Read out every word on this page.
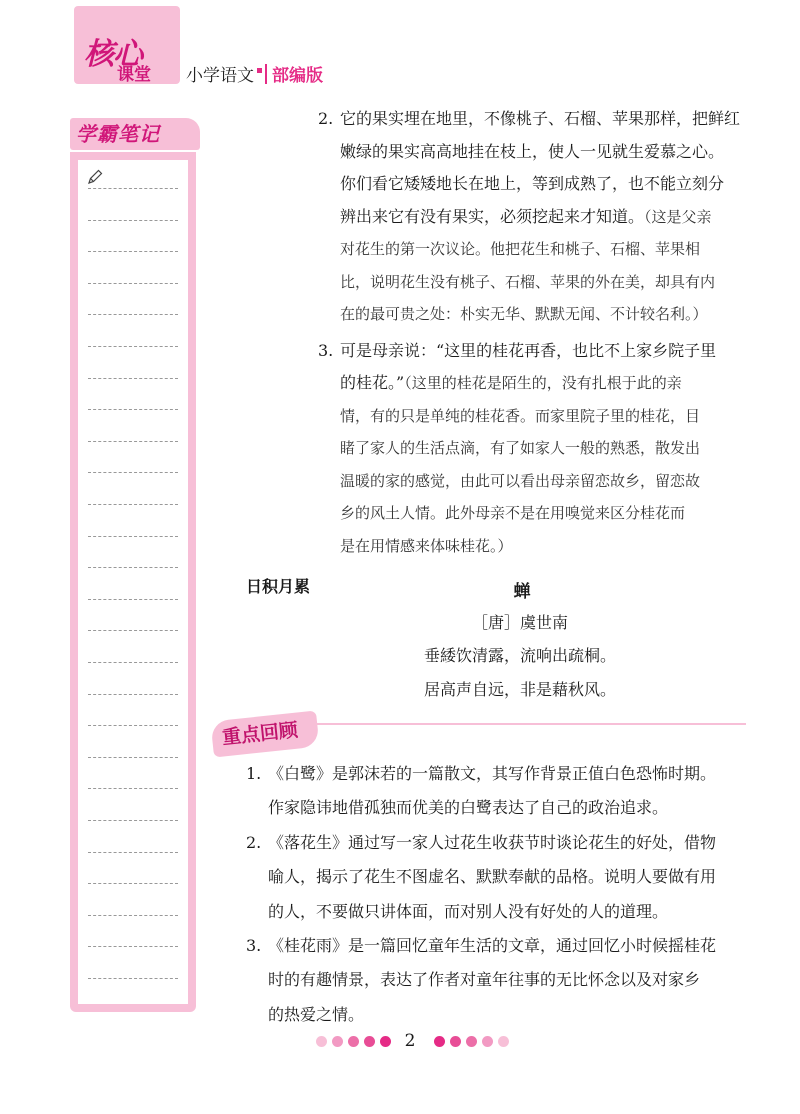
核心
课堂 小学语文 部编版
学霸笔记
2. 它的果实埋在地里，不像桃子、石榴、苹果那样，把鲜红
嫩绿的果实高高地挂在枝上，使人一见就生爱慕之心。
你们看它矮矮地长在地上，等到成熟了，也不能立刻分
辨出来它有没有果实，必须挖起来才知道。（这是父亲
对花生的第一次议论。他把花生和桃子、石榴、苹果相
比，说明花生没有桃子、石榴、苹果的外在美，却具有内
在的最可贵之处：朴实无华、默默无闻、不计较名利。）
3. 可是母亲说：“这里的桂花再香，也比不上家乡院子里
的桂花。”（这里的桂花是陌生的，没有扎根于此的亲
情，有的只是单纯的桂花香。而家里院子里的桂花，目
睹了家人的生活点滴，有了如家人一般的熟悉，散发出
温暖的家的感觉，由此可以看出母亲留恋故乡，留恋故
乡的风土人情。此外母亲不是在用嗅觉来区分桂花而
是在用情感来体味桂花。）
日积月累	蝉
［唐］虞世南
垂緌饮清露，流响出疏桐。
居高声自远，非是藉秋风。
重点回顾
1. 《白鹭》是郭沫若的一篇散文，其写作背景正值白色恐怖时期。
作家隐讳地借孤独而优美的白鹭表达了自己的政治追求。
2. 《落花生》通过写一家人过花生收获节时谈论花生的好处，借物
喻人，揭示了花生不图虚名、默默奉献的品格。说明人要做有用
的人，不要做只讲体面，而对别人没有好处的人的道理。
3. 《桂花雨》是一篇回忆童年生活的文章，通过回忆小时候摇桂花
时的有趣情景，表达了作者对童年往事的无比怀念以及对家乡
的热爱之情。
2
